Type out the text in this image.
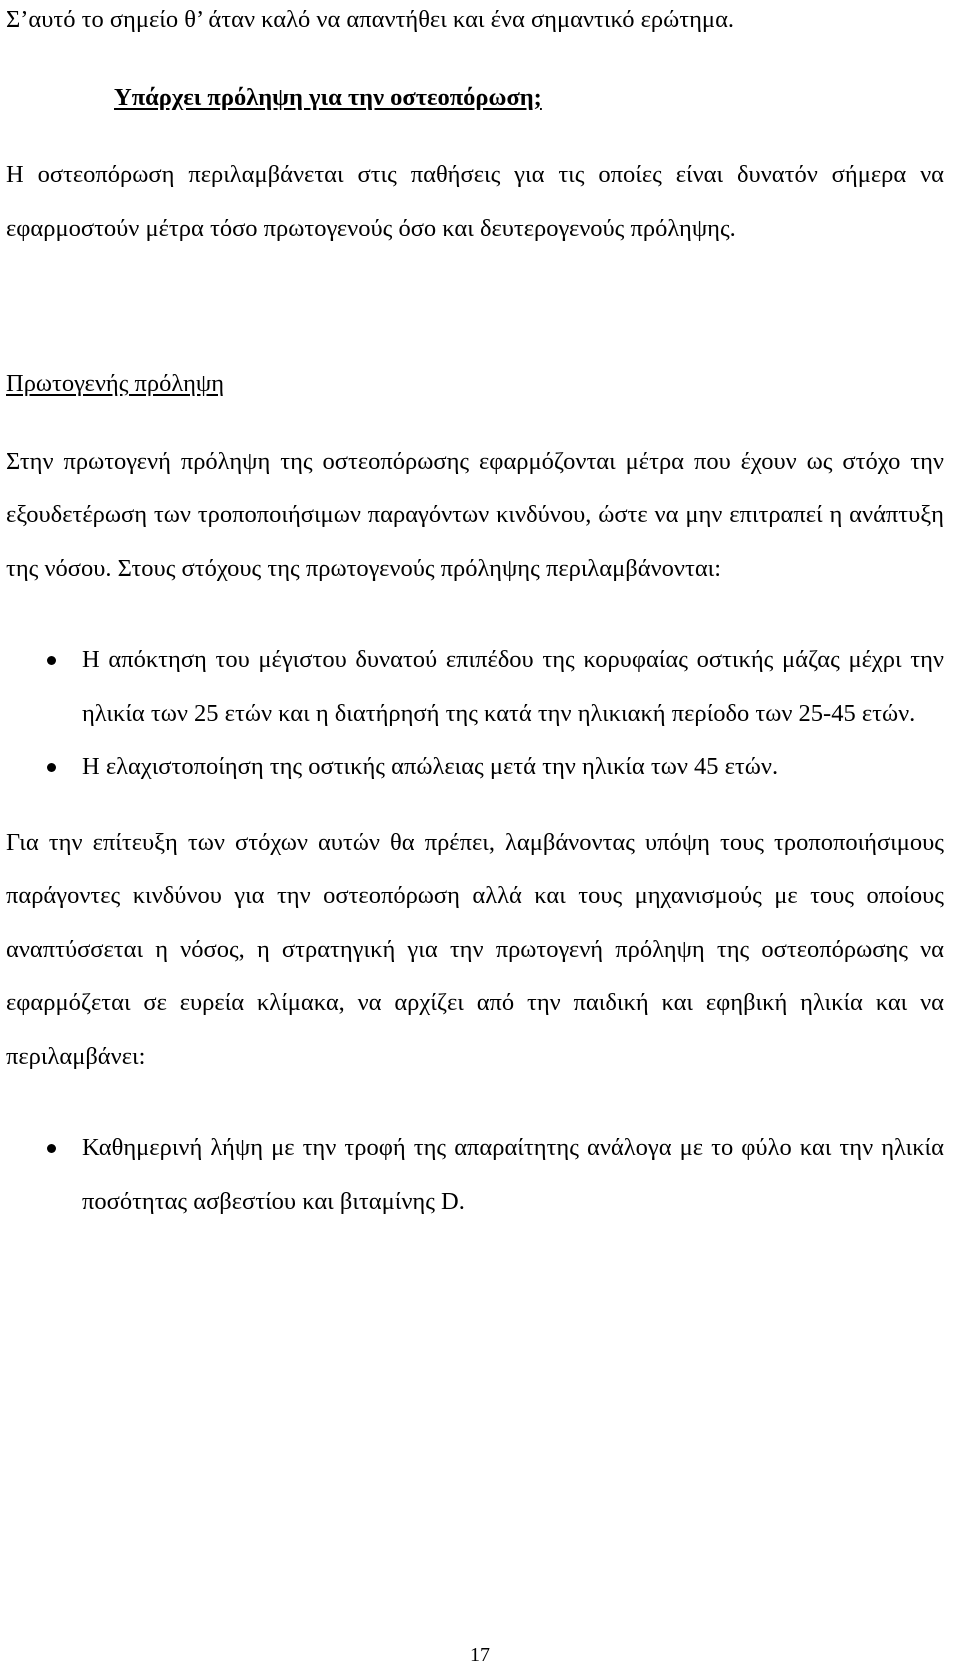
Σ’αυτό το σημείο θ’ άταν καλό να απαντήθει και ένα σημαντικό ερώτημα.

Υπάρχει πρόληψη για την οστεοπόρωση;

Η οστεοπόρωση περιλαμβάνεται στις παθήσεις για τις οποίες είναι δυνατόν σήμερα να εφαρμοστούν μέτρα τόσο πρωτογενούς όσο και δευτερογενούς πρόληψης.

Πρωτογενής πρόληψη

Στην πρωτογενή πρόληψη της οστεοπόρωσης εφαρμόζονται μέτρα που έχουν ως στόχο την εξουδετέρωση των τροποποιήσιμων παραγόντων κινδύνου, ώστε να μην επιτραπεί η ανάπτυξη της νόσου. Στους στόχους της πρωτογενούς πρόληψης περιλαμβάνονται:

Η απόκτηση του μέγιστου δυνατού επιπέδου της κορυφαίας οστικής μάζας μέχρι την ηλικία των 25 ετών και η διατήρησή της κατά την ηλικιακή περίοδο των 25-45 ετών.
Η ελαχιστοποίηση της οστικής απώλειας μετά την ηλικία των 45 ετών.

Για την επίτευξη των στόχων αυτών θα πρέπει, λαμβάνοντας υπόψη τους τροποποιήσιμους παράγοντες κινδύνου για την οστεοπόρωση αλλά και τους μηχανισμούς με τους οποίους αναπτύσσεται η νόσος, η στρατηγική για την πρωτογενή πρόληψη της οστεοπόρωσης να εφαρμόζεται σε ευρεία κλίμακα, να αρχίζει από την παιδική και εφηβική ηλικία και να περιλαμβάνει:

Καθημερινή λήψη με την τροφή της απαραίτητης ανάλογα με το φύλο και την ηλικία ποσότητας ασβεστίου και βιταμίνης D.
17
